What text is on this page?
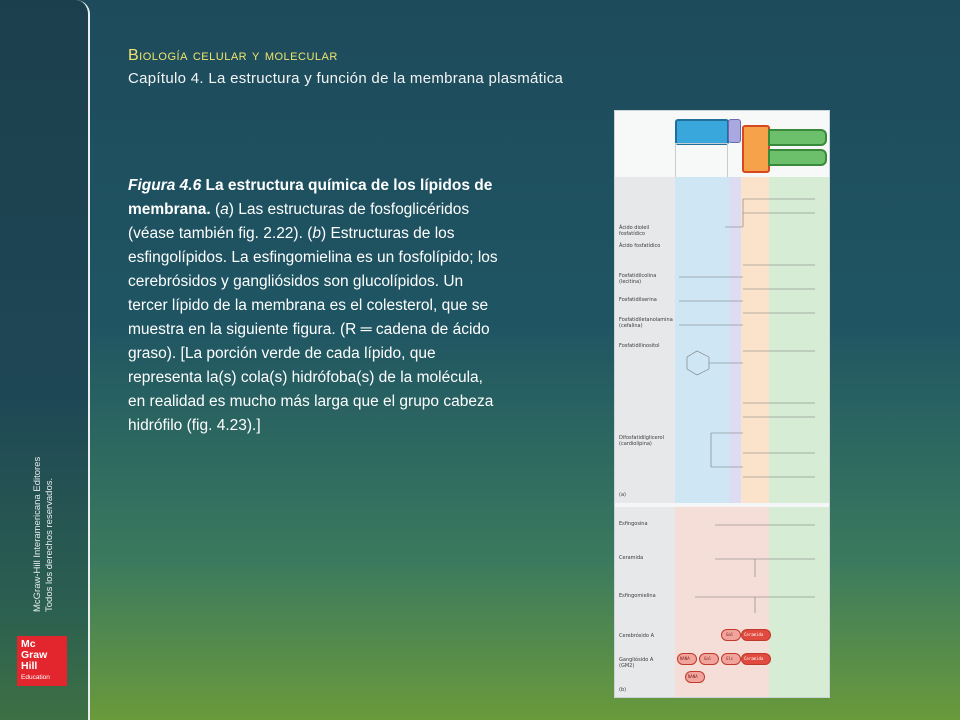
McGraw-Hill Interamericana Editores Todos los derechos reservados.
Mc
Graw
Hill
Education
Biología celular y molecular
Capítulo 4. La estructura y función de la membrana plasmática
Figura 4.6 La estructura química de los lípidos de membrana. (a) Las estructuras de fosfoglicéridos (véase también fig. 2.22). (b) Estructuras de los esfingolípidos. La esfingomielina es un fosfolípido; los cerebrósidos y gangliósidos son glucolípidos. Un tercer lípido de la membrana es el colesterol, que se muestra en la siguiente figura. (R ═ cadena de ácido graso). [La porción verde de cada lípido, que representa la(s) cola(s) hidrófoba(s) de la molécula, en realidad es mucho más larga que el grupo cabeza hidrófilo (fig. 4.23).]
Ácido dioleil fosfatídico
Ácido fosfatídico
Fosfatidilcolina (lecitina)
Fosfatidilserina
Fosfatidiletanolamina (cefalina)
Fosfatidilinositol
Difosfatidilglicerol (cardiolipina)
(a)
Esfingosina
Ceramida
Esfingomielina
Cerebrósido A
Gangliósido A (GM2)
(b)
Gal	Ceramida
NANA	Gal	Glc	Ceramida
NANA
